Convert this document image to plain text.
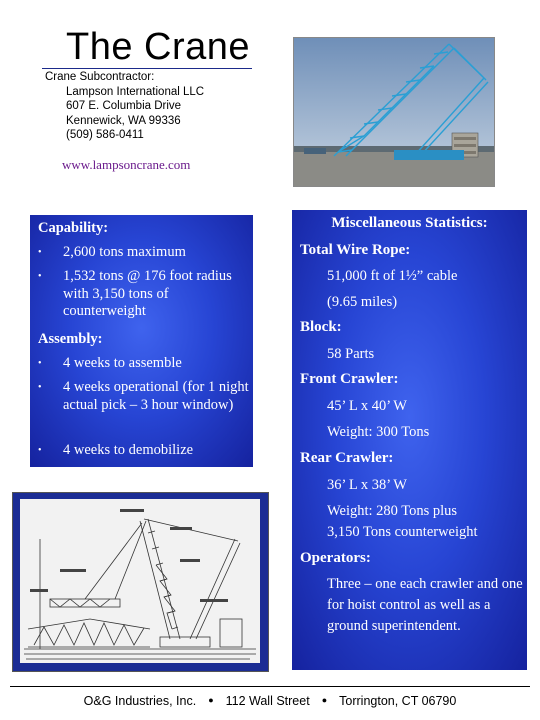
The Crane
Crane Subcontractor:
Lampson International LLC
607 E. Columbia Drive
Kennewick, WA 99336
(509) 586-0411
www.lampsoncrane.com
Capability:
•	2,600 tons maximum
•	1,532 tons @ 176 foot radius with 3,150 tons of counterweight
Assembly:
•	4 weeks to assemble
•	4 weeks operational (for 1 night actual pick – 3 hour window)
•	4 weeks to demobilize
Miscellaneous Statistics:
Total Wire Rope:
51,000 ft of 1½” cable
(9.65 miles)
Block:
58 Parts
Front Crawler:
45’ L x 40’ W
Weight: 300 Tons
Rear Crawler:
36’ L x 38’ W
Weight: 280 Tons plus
3,150 Tons counterweight
Operators:
Three – one each crawler and one for hoist control as well as a ground superintendent.
O&G Industries, Inc. ● 112 Wall Street ● Torrington, CT 06790
